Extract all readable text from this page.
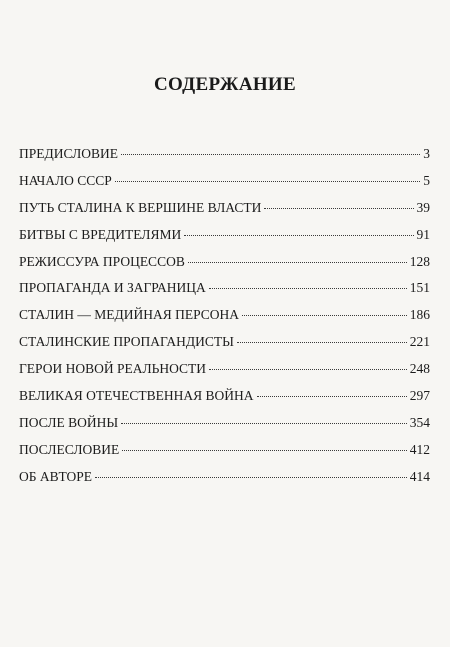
СОДЕРЖАНИЕ
ПРЕДИСЛОВИЕ	3
НАЧАЛО СССР	5
ПУТЬ СТАЛИНА К ВЕРШИНЕ ВЛАСТИ	39
БИТВЫ С ВРЕДИТЕЛЯМИ	91
РЕЖИССУРА ПРОЦЕССОВ	128
ПРОПАГАНДА И ЗАГРАНИЦА	151
СТАЛИН — МЕДИЙНАЯ ПЕРСОНА	186
СТАЛИНСКИЕ ПРОПАГАНДИСТЫ	221
ГЕРОИ НОВОЙ РЕАЛЬНОСТИ	248
ВЕЛИКАЯ ОТЕЧЕСТВЕННАЯ ВОЙНА	297
ПОСЛЕ ВОЙНЫ	354
ПОСЛЕСЛОВИЕ	412
ОБ АВТОРЕ	414
